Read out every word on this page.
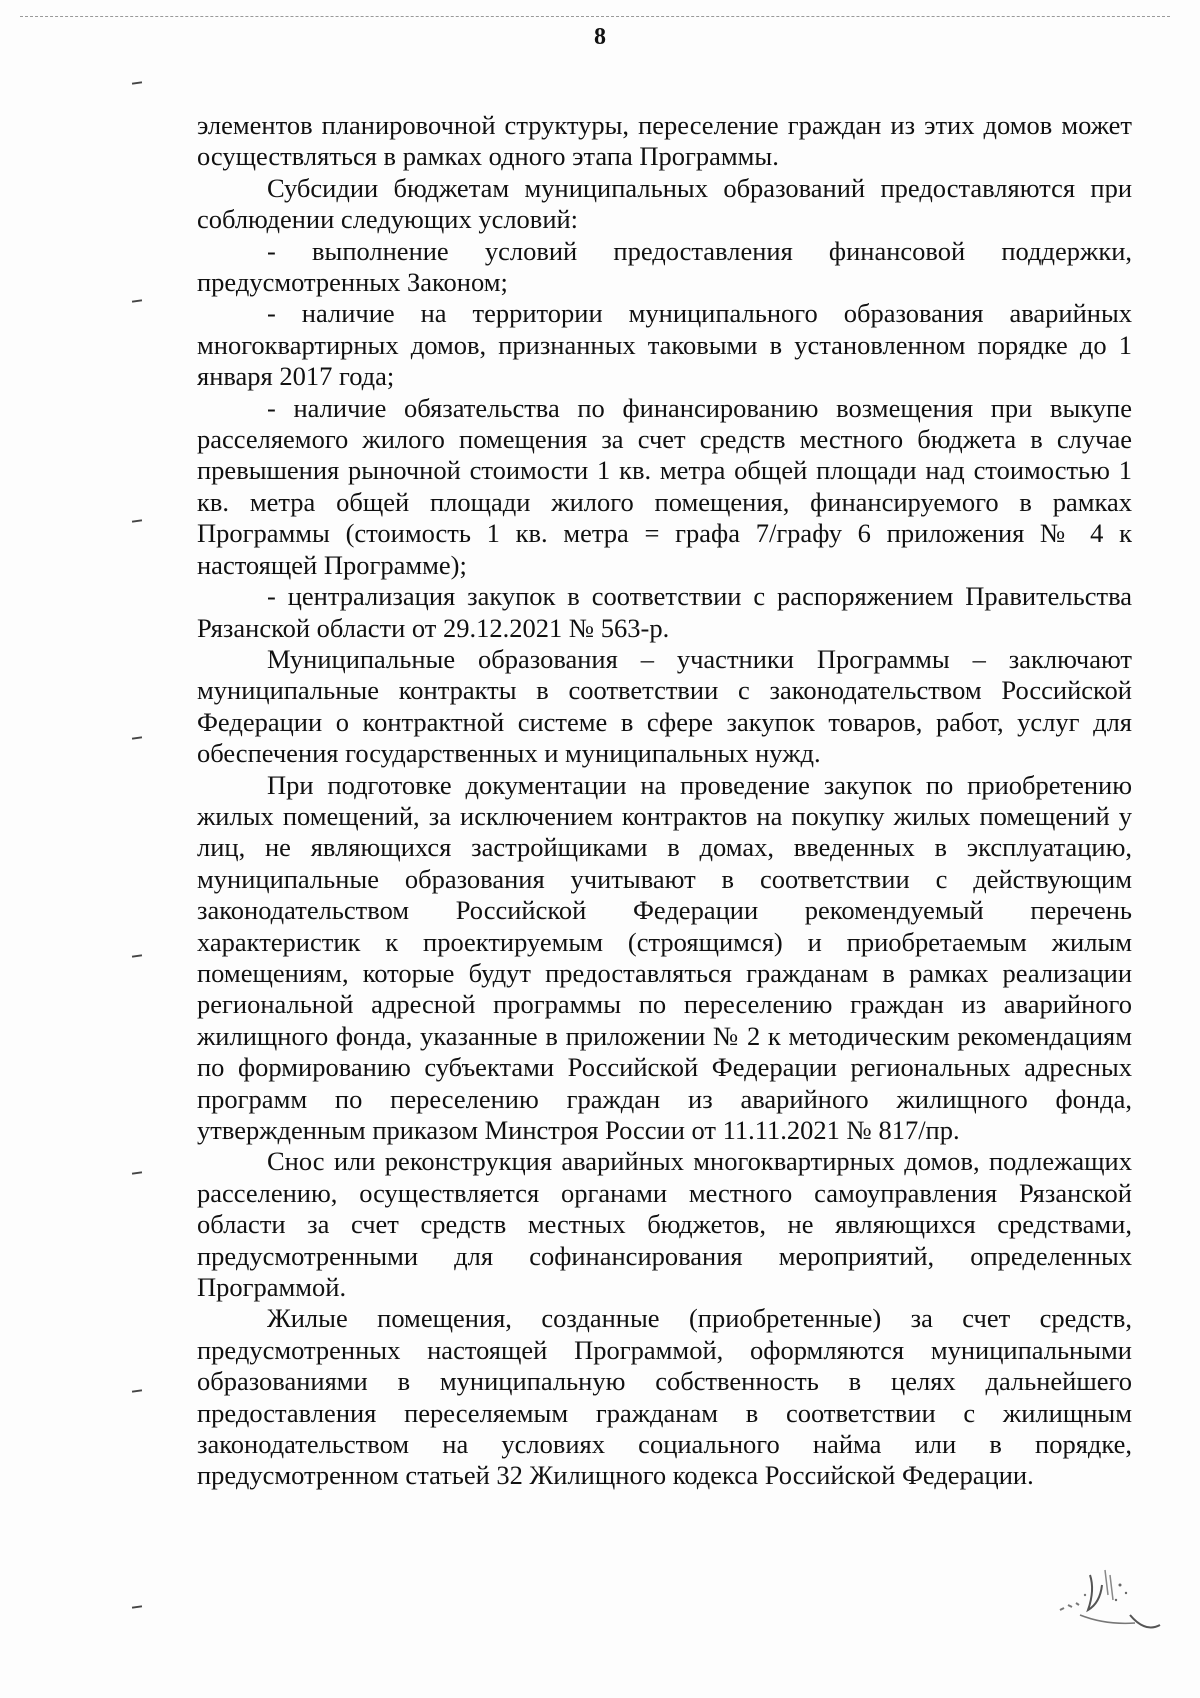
8

элементов планировочной структуры, переселение граждан из этих домов может осуществляться в рамках одного этапа Программы.

Субсидии бюджетам муниципальных образований предоставляются при соблюдении следующих условий:

- выполнение условий предоставления финансовой поддержки, предусмотренных Законом;

- наличие на территории муниципального образования аварийных многоквартирных домов, признанных таковыми в установленном порядке до 1 января 2017 года;

- наличие обязательства по финансированию возмещения при выкупе расселяемого жилого помещения за счет средств местного бюджета в случае превышения рыночной стоимости 1 кв. метра общей площади над стоимостью 1 кв. метра общей площади жилого помещения, финансируемого в рамках Программы (стоимость 1 кв. метра = графа 7/графу 6 приложения № 4 к настоящей Программе);

- централизация закупок в соответствии с распоряжением Правительства Рязанской области от 29.12.2021 № 563-р.

Муниципальные образования – участники Программы – заключают муниципальные контракты в соответствии с законодательством Российской Федерации о контрактной системе в сфере закупок товаров, работ, услуг для обеспечения государственных и муниципальных нужд.

При подготовке документации на проведение закупок по приобретению жилых помещений, за исключением контрактов на покупку жилых помещений у лиц, не являющихся застройщиками в домах, введенных в эксплуатацию, муниципальные образования учитывают в соответствии с действующим законодательством Российской Федерации рекомендуемый перечень характеристик к проектируемым (строящимся) и приобретаемым жилым помещениям, которые будут предоставляться гражданам в рамках реализации региональной адресной программы по переселению граждан из аварийного жилищного фонда, указанные в приложении № 2 к методическим рекомендациям по формированию субъектами Российской Федерации региональных адресных программ по переселению граждан из аварийного жилищного фонда, утвержденным приказом Минстроя России от 11.11.2021 № 817/пр.

Снос или реконструкция аварийных многоквартирных домов, подлежащих расселению, осуществляется органами местного самоуправления Рязанской области за счет средств местных бюджетов, не являющихся средствами, предусмотренными для софинансирования мероприятий, определенных Программой.

Жилые помещения, созданные (приобретенные) за счет средств, предусмотренных настоящей Программой, оформляются муниципальными образованиями в муниципальную собственность в целях дальнейшего предоставления переселяемым гражданам в соответствии с жилищным законодательством на условиях социального найма или в порядке, предусмотренном статьей 32 Жилищного кодекса Российской Федерации.
